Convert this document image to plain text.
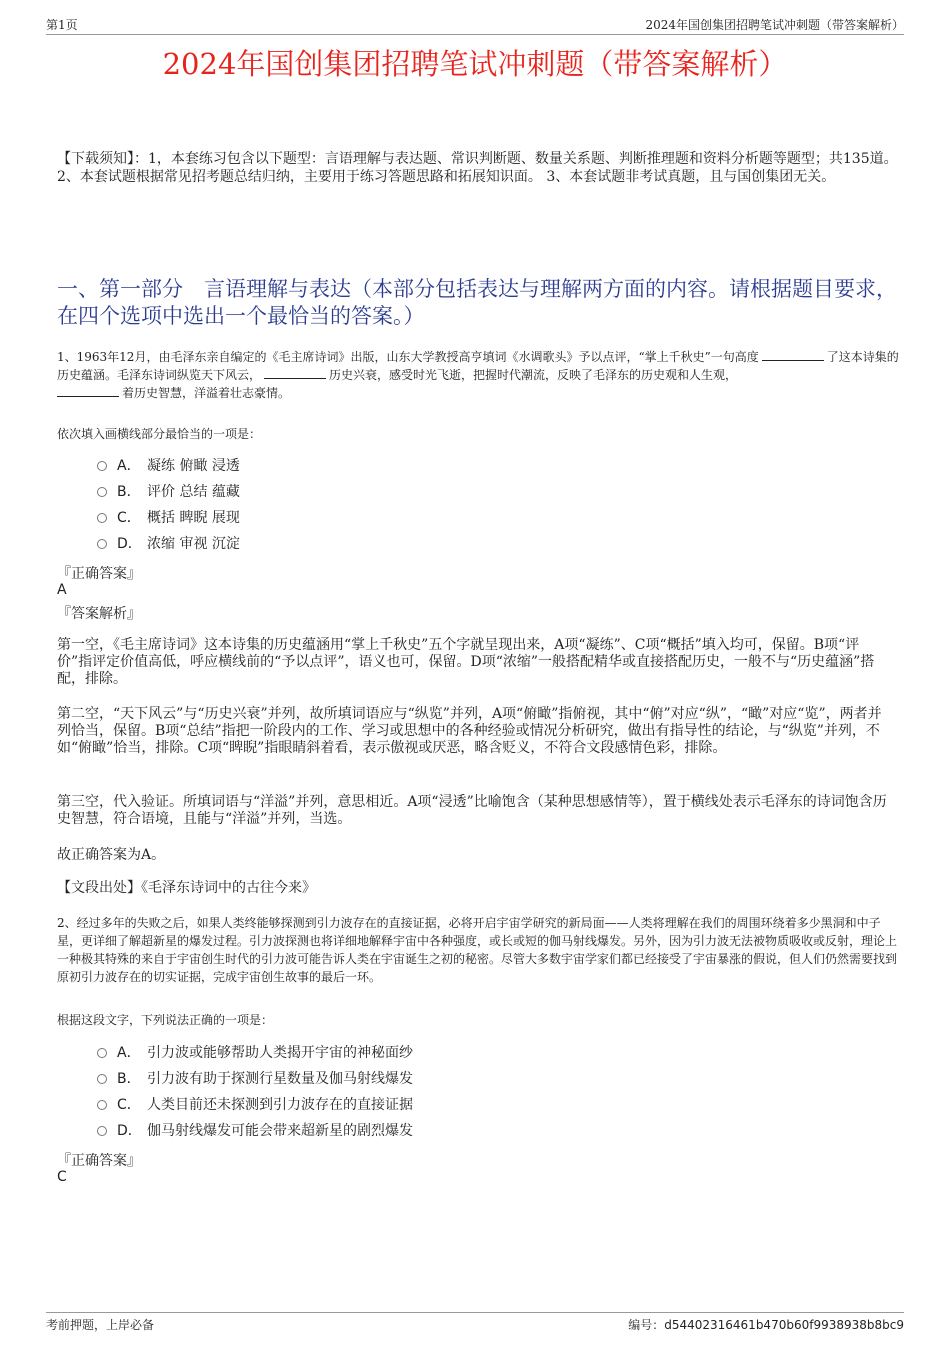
第1页	2024年国创集团招聘笔试冲刺题（带答案解析）
2024年国创集团招聘笔试冲刺题（带答案解析）
【下载须知】：1，本套练习包含以下题型：言语理解与表达题、常识判断题、数量关系题、判断推理题和资料分析题等题型；共135道。 2、本套试题根据常见招考题总结归纳，主要用于练习答题思路和拓展知识面。 3、本套试题非考试真题，且与国创集团无关。
一、第一部分　言语理解与表达（本部分包括表达与理解两方面的内容。请根据题目要求，在四个选项中选出一个最恰当的答案。）
1、1963年12月，由毛泽东亲自编定的《毛主席诗词》出版，山东大学教授高亨填词《水调歌头》予以点评，“掌上千秋史”一句高度	了这本诗集的历史蕴涵。毛泽东诗词纵览天下风云，	历史兴衰，感受时光飞逝，把握时代潮流，反映了毛泽东的历史观和人生观，
着历史智慧，洋溢着壮志豪情。
依次填入画横线部分最恰当的一项是：
A． 凝练 俯瞰 浸透
B． 评价 总结 蕴藏
C． 概括 睥睨 展现
D． 浓缩 审视 沉淀
『正确答案』
A
『答案解析』
第一空，《毛主席诗词》这本诗集的历史蕴涵用“掌上千秋史”五个字就呈现出来，A项“凝练”、C项“概括”填入均可，保留。B项“评价”指评定价值高低，呼应横线前的“予以点评”，语义也可，保留。D项“浓缩”一般搭配精华或直接搭配历史，一般不与“历史蕴涵”搭配，排除。
第二空，“天下风云”与“历史兴衰”并列，故所填词语应与“纵览”并列，A项“俯瞰”指俯视，其中“俯”对应“纵”，“瞰”对应“览”，两者并列恰当，保留。B项“总结”指把一阶段内的工作、学习或思想中的各种经验或情况分析研究，做出有指导性的结论，与“纵览”并列，不如“俯瞰”恰当，排除。C项“睥睨”指眼睛斜着看，表示傲视或厌恶，略含贬义，不符合文段感情色彩，排除。
第三空，代入验证。所填词语与“洋溢”并列，意思相近。A项“浸透”比喻饱含（某种思想感情等），置于横线处表示毛泽东的诗词饱含历史智慧，符合语境，且能与“洋溢”并列，当选。
故正确答案为A。
【文段出处】《毛泽东诗词中的古往今来》
2、经过多年的失败之后，如果人类终能够探测到引力波存在的直接证据，必将开启宇宙学研究的新局面——人类将理解在我们的周围环绕着多少黑洞和中子星，更详细了解超新星的爆发过程。引力波探测也将详细地解释宇宙中各种强度，或长或短的伽马射线爆发。另外，因为引力波无法被物质吸收或反射，理论上一种极其特殊的来自于宇宙创生时代的引力波可能告诉人类在宇宙诞生之初的秘密。尽管大多数宇宙学家们都已经接受了宇宙暴涨的假说，但人们仍然需要找到原初引力波存在的切实证据，完成宇宙创生故事的最后一环。
根据这段文字，下列说法正确的一项是：
A． 引力波或能够帮助人类揭开宇宙的神秘面纱
B． 引力波有助于探测行星数量及伽马射线爆发
C． 人类目前还未探测到引力波存在的直接证据
D． 伽马射线爆发可能会带来超新星的剧烈爆发
『正确答案』
C
考前押题，上岸必备	编号：d54402316461b470b60f9938938b8bc9
